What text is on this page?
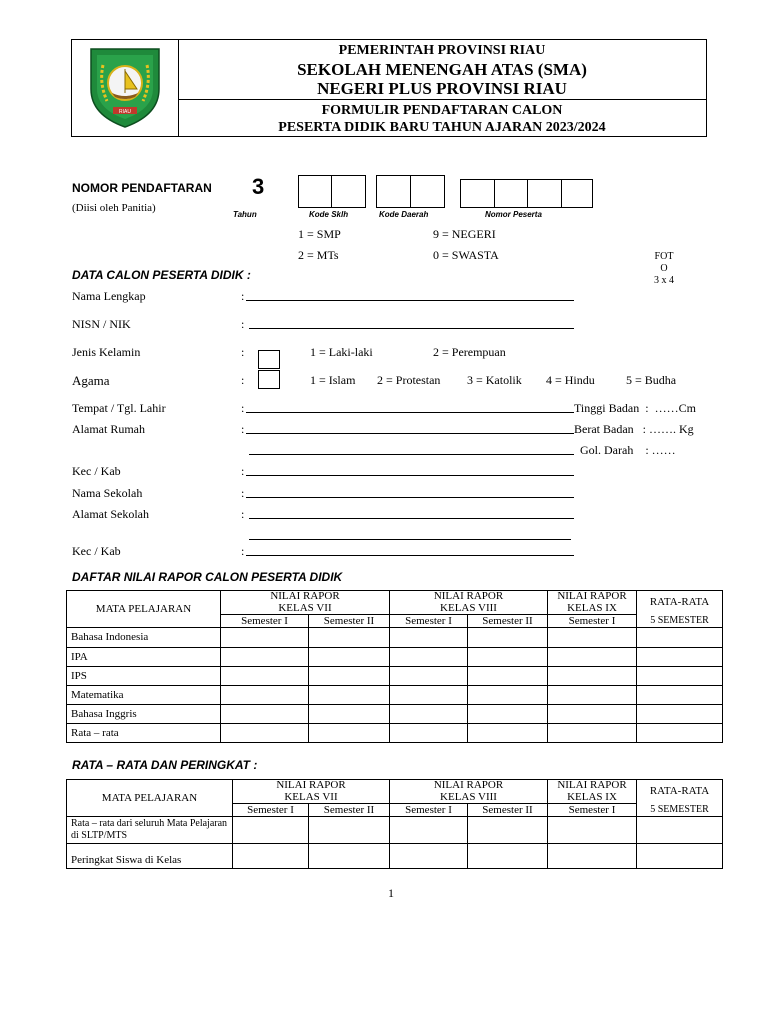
RIAU
PEMERINTAH PROVINSI RIAU
SEKOLAH MENENGAH ATAS (SMA)
NEGERI PLUS PROVINSI RIAU
FORMULIR PENDAFTARAN CALON
PESERTA DIDIK BARU TAHUN AJARAN 2023/2024
NOMOR PENDAFTARAN
(Diisi oleh Panitia)
3
Tahun	Kode Sklh	Kode Daerah	Nomor Peserta
1 = SMP
2 = MTs
9 = NEGERI
0 = SWASTA	FOT
O
3 x 4
DATA CALON PESERTA DIDIK :
Nama Lengkap	:
NISN / NIK	:
Jenis Kelamin	:	1 = Laki-laki	2 = Perempuan
Agama	:	1 = Islam 2 = Protestan 3 = Katolik 4 = Hindu	5 = Budha
Tempat / Tgl. Lahir	:	Tinggi Badan  :  ……Cm
Alamat Rumah	:	Berat Badan   : ……. Kg
Gol. Darah    : ……
Kec / Kab	:
Nama Sekolah	:
Alamat Sekolah	:
Kec / Kab	:
DAFTAR NILAI RAPOR CALON PESERTA DIDIK
MATA PELAJARAN	NILAI RAPOR		NILAI RAPOR		NILAI RAPOR	RATA-RATA
	KELAS VII		KELAS VIII		KELAS IX	
	Semester I	Semester II	Semester I	Semester II	Semester I	5 SEMESTER
Bahasa Indonesia						
IPA						
IPS						
Matematika						
Bahasa Inggris						
Rata – rata						
RATA – RATA DAN PERINGKAT :
MATA PELAJARAN	NILAI RAPOR		NILAI RAPOR		NILAI RAPOR	RATA-RATA
	KELAS VII		KELAS VIII		KELAS IX	
	Semester I	Semester II	Semester I	Semester II	Semester I	5 SEMESTER
Rata – rata dari seluruh Mata Pelajaran di SLTP/MTS						
Peringkat Siswa di Kelas						
1
